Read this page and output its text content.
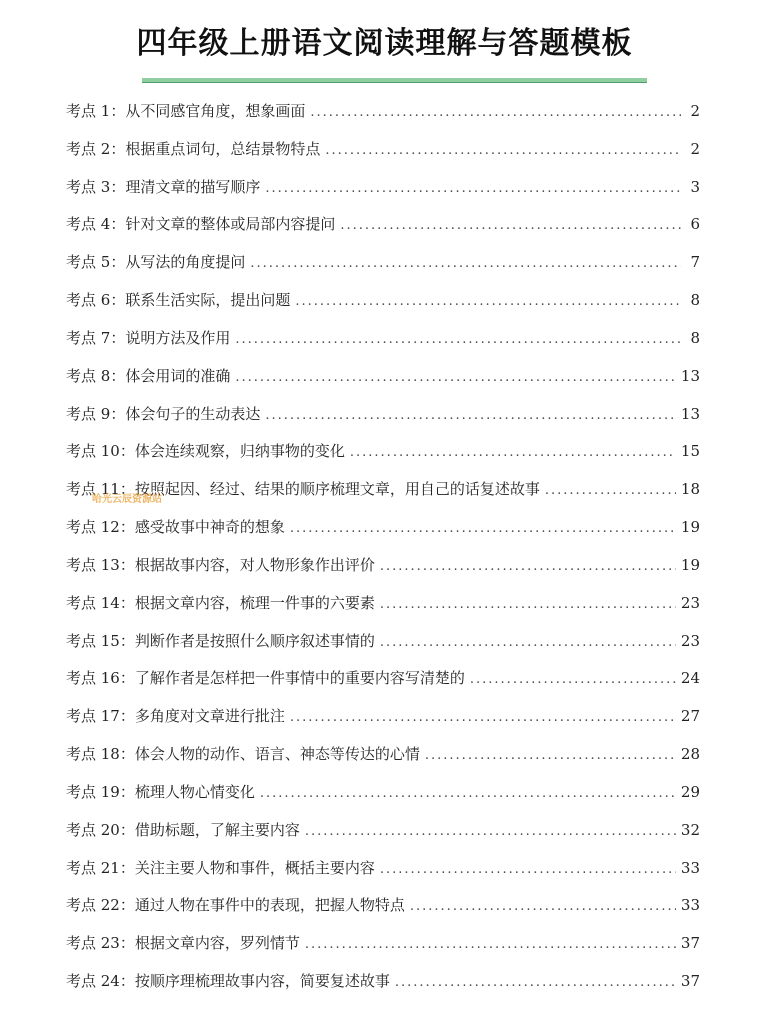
四年级上册语文阅读理解与答题模板
考点 1 ： 从不同感官角度，想象画面 .....	2
考点 2 ： 根据重点词句，总结景物特点 .....	2
考点 3 ： 理清文章的描写顺序 .....	3
考点 4 ： 针对文章的整体或局部内容提问 .....	6
考点 5 ： 从写法的角度提问 .....	7
考点 6 ： 联系生活实际，提出问题 .....	8
考点 7 ： 说明方法及作用 .....	8
考点 8 ： 体会用词的准确 .....	13
考点 9 ： 体会句子的生动表达 .....	13
考点 10 ： 体会连续观察，归纳事物的变化 .....	15
考点 11 ： 按照起因、经过、结果的顺序梳理文章，用自己的话复述故事 .....	18
考点 12 ： 感受故事中神奇的想象 .....	19
考点 13 ： 根据故事内容，对人物形象作出评价 .....	19
考点 14 ： 根据文章内容，梳理一件事的六要素 .....	23
考点 15 ： 判断作者是按照什么顺序叙述事情的 .....	23
考点 16 ： 了解作者是怎样把一件事情中的重要内容写清楚的 .....	24
考点 17 ： 多角度对文章进行批注 .....	27
考点 18 ： 体会人物的动作、语言、神态等传达的心情 .....	28
考点 19 ： 梳理人物心情变化 .....	29
考点 20 ： 借助标题，了解主要内容 .....	32
考点 21 ： 关注主要人物和事件，概括主要内容 .....	33
考点 22 ： 通过人物在事件中的表现，把握人物特点 .....	33
考点 23 ： 根据文章内容，罗列情节 .....	37
考点 24 ： 按顺序理梳理故事内容，简要复述故事 .....	37
哈光云辰资源站
